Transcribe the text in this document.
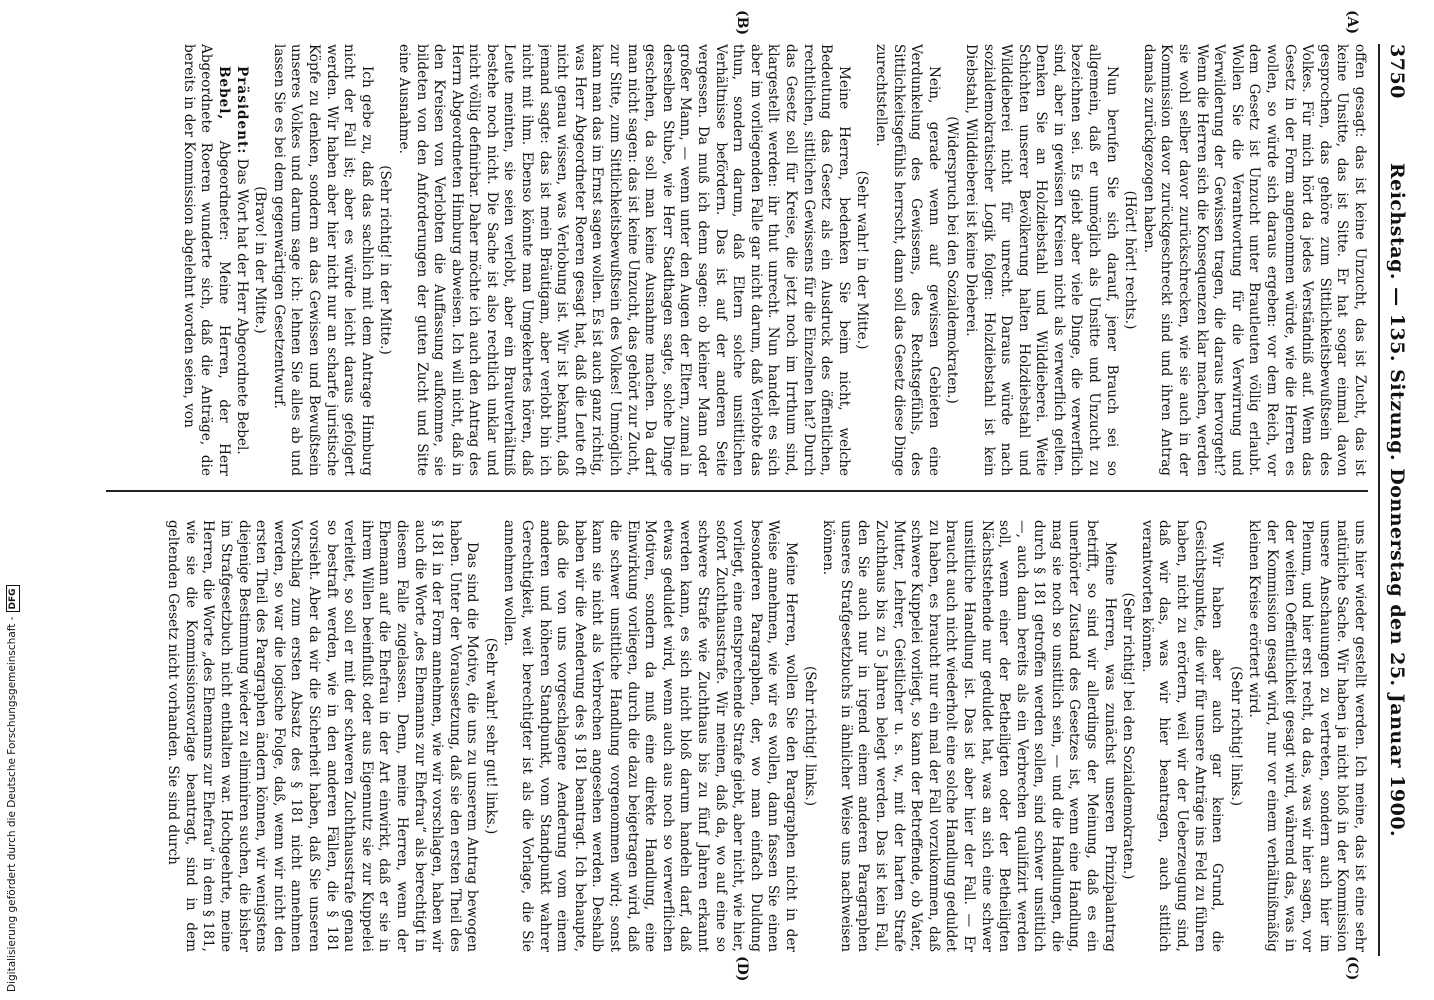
3750
Reichstag. — 135. Sitzung. Donnerstag den 25. Januar 1900.
(A)
(B)
(C)
(D)

offen gesagt: das ist keine Unzucht, das ist Zucht, das ist keine Unsitte, das ist Sitte. Er hat sogar einmal davon gesprochen, das gehöre zum Sittlichkeitsbewußtsein des Volkes. Für mich hört da jedes Verständniß auf. Wenn das Gesetz in der Form angenommen würde, wie die Herren es wollen, so würde sich daraus ergeben: vor dem Reich, vor dem Gesetz ist Unzucht unter Brautleuten völlig erlaubt. Wollen Sie die Verantwortung für die Verwirrung und Verwilderung der Gewissen tragen, die daraus hervorgeht? Wenn die Herren sich die Konsequenzen klar machen, werden sie wohl selber davor zurückschrecken, wie sie auch in der Kommission davor zurückgeschreckt sind und ihren Antrag damals zurückgezogen haben.

(Hört! hört! rechts.)

Nun berufen Sie sich darauf, jener Brauch sei so allgemein, daß er unmöglich als Unsitte und Unzucht zu bezeichnen sei. Es giebt aber viele Dinge, die verwerflich sind, aber in gewissen Kreisen nicht als verwerflich gelten. Denken Sie an Holzdiebstahl und Wilddieberei. Weite Schichten unserer Bevölkerung halten Holzdiebstahl und Wilddieberei nicht für unrecht. Daraus würde nach sozialdemokratischer Logik folgen: Holzdiebstahl ist kein Diebstahl, Wilddieberei ist keine Dieberei.

(Widerspruch bei den Sozialdemokraten.)

Nein, gerade wenn auf gewissen Gebieten eine Verdunkelung des Gewissens, des Rechtsgefühls, des Sittlichkeitsgefühls herrscht, dann soll das Gesetz diese Dinge zurechtstellen.

(Sehr wahr! in der Mitte.)

Meine Herren, bedenken Sie beim nicht, welche Bedeutung das Gesetz als ein Ausdruck des öffentlichen, rechtlichen, sittlichen Gewissens für die Einzelnen hat? Durch das Gesetz soll für Kreise, die jetzt noch im Irrthum sind, klargestellt werden: ihr thut unrecht. Nun handelt es sich aber im vorliegenden Falle gar nicht darum, daß Verlobte das thun, sondern darum, daß Eltern solche unsittlichen Verhältnisse befördern. Das ist auf der anderen Seite vergessen. Da muß ich denn sagen: ob kleiner Mann oder großer Mann, — wenn unter den Augen der Eltern, zumal in derselben Stube, wie Herr Stadthagen sagte, solche Dinge geschehen, da soll man keine Ausnahme machen. Da darf man nicht sagen: das ist keine Unzucht, das gehört zur Zucht, zur Sitte, zum Sittlichkeitsbewußtsein des Volkes! Unmöglich kann man das im Ernst sagen wollen. Es ist auch ganz richtig, was Herr Abgeordneter Roeren gesagt hat, daß die Leute oft nicht genau wissen, was Verlobung ist. Wir ist bekannt, daß jemand sagte: das ist mein Bräutigam, aber verlobt bin ich nicht mit ihm. Ebenso könnte man Umgekehrtes hören, daß Leute meinten, sie seien verlobt, aber ein Brautverhältniß bestehe noch nicht. Die Sache ist also rechtlich unklar und nicht völlig definirbar. Daher möchte ich auch den Antrag des Herrn Abgeordneten Himburg abweisen. Ich will nicht, daß in den Kreisen von Verlobten die Auffassung aufkomme, sie bildeten von den Anforderungen der guten Zucht und Sitte eine Ausnahme.

(Sehr richtig! in der Mitte.)

Ich gebe zu, daß das sachlich mit dem Antrage Himburg nicht der Fall ist; aber es würde leicht daraus gefolgert werden. Wir haben aber hier nicht nur an scharfe juristische Köpfe zu denken, sondern an das Gewissen und Bewußtsein unseres Volkes und darum sage ich: lehnen Sie alles ab und lassen Sie es bei dem gegenwärtigen Gesetzentwurf.

(Bravo! in der Mitte.)

Präsident: Das Wort hat der Herr Abgeordnete Bebel.

Bebel, Abgeordneter: Meine Herren, der Herr Abgeordnete Roeren wunderte sich, daß die Anträge, die bereits in der Kommission abgelehnt worden seien, von

uns hier wieder gestellt werden. Ich meine, das ist eine sehr natürliche Sache. Wir haben ja nicht bloß in der Kommission unsere Anschauungen zu vertreten, sondern auch hier im Plenum, und hier erst recht, da das, was wir hier sagen, vor der weiten Oeffentlichkeit gesagt wird, während das, was in der Kommission gesagt wird, nur vor einem verhältnißmäßig kleinen Kreise erörtert wird.

(Sehr richtig! links.)

Wir haben aber auch gar keinen Grund, die Gesichtspunkte, die wir für unsere Anträge ins Feld zu führen haben, nicht zu erörtern, weil wir der Ueberzeugung sind, daß wir das, was wir hier beantragen, auch sittlich verantworten können.

(Sehr richtig! bei den Sozialdemokraten.)

Meine Herren, was zunächst unseren Prinzipalantrag betrifft, so sind wir allerdings der Meinung, daß es ein unerhörter Zustand des Gesetzes ist, wenn eine Handlung, mag sie noch so unsittlich sein, — und die Handlungen, die durch § 181 getroffen werden sollen, sind schwer unsittlich —, auch dann bereits als ein Verbrechen qualifizirt werden soll, wenn einer der Betheiligten oder der Betheiligten Nächststehende nur geduldet hat, was an sich eine schwer unsittliche Handlung ist. Das ist aber hier der Fall. — Er braucht auch nicht wiederholt eine solche Handlung geduldet zu haben, es braucht nur ein mal der Fall vorzukommen, daß schwere Kuppelei vorliegt, so kann der Betreffende, ob Vater, Mutter, Lehrer, Geistlicher u. s. w., mit der harten Strafe Zuchthaus bis zu 5 Jahren belegt werden. Das ist kein Fall, den Sie auch nur in irgend einem anderen Paragraphen unseres Strafgesetzbuchs in ähnlicher Weise uns nachweisen können.

(Sehr richtig! links.)

Meine Herren, wollen Sie den Paragraphen nicht in der Weise annehmen, wie wir es wollen, dann fassen Sie einen besonderen Paragraphen, der, wo man einfach Duldung vorliegt, eine entsprechende Strafe giebt, aber nicht, wie hier, sofort Zuchthausstrafe. Wir meinen, daß da, wo auf eine so schwere Strafe wie Zuchthaus bis zu fünf Jahren erkannt werden kann, es sich nicht bloß darum handeln darf, daß etwas geduldet wird, wenn auch aus noch so verwerflichen Motiven, sondern da muß eine direkte Handlung, eine Einwirkung vorliegen, durch die dazu beigetragen wird, daß die schwer unsittliche Handlung vorgenommen wird; sonst kann sie nicht als Verbrechen angesehen werden. Deshalb haben wir die Aenderung des § 181 beantragt. Ich behaupte, daß die von uns vorgeschlagene Aenderung vom einem anderen und höheren Standpunkt, vom Standpunkt wahrer Gerechtigkeit, weit berechtigter ist als die Vorlage, die Sie annehmen wollen.

(Sehr wahr! sehr gut! links.)

Das sind die Motive, die uns zu unserem Antrag bewogen haben. Unter der Voraussetzung, daß sie den ersten Theil des § 181 in der Form annehmen, wie wir vorschlagen, haben wir auch die Worte „des Ehemanns zur Ehefrau“ als berechtigt in diesem Falle zugelassen. Denn, meine Herren, wenn der Ehemann auf die Ehefrau in der Art einwirkt, daß er sie in ihrem Willen beeinflußt oder aus Eigennutz sie zur Kuppelei verleitet, so soll er mit der schweren Zuchthausstrafe genau so bestraft werden, wie in den anderen Fällen, die § 181 vorsieht. Aber da wir die Sicherheit haben, daß Sie unseren Vorschlag zum ersten Absatz des § 181 nicht annehmen werden, so war die logische Folge, daß, wenn wir nicht den ersten Theil des Paragraphen ändern können, wir wenigstens diejenige Bestimmung wieder zu eliminiren suchen, die bisher im Strafgesetzbuch nicht enthalten war. Hochgeehrte, meine Herren, die Worte „des Ehemanns zur Ehefrau“ in dem § 181, wie sie die Kommissionsvorlage beantragt, sind in dem geltenden Gesetz nicht vorhanden. Sie sind durch

Digitalisierung gefördert durch die Deutsche Forschungsgemeinschaft -DFG
